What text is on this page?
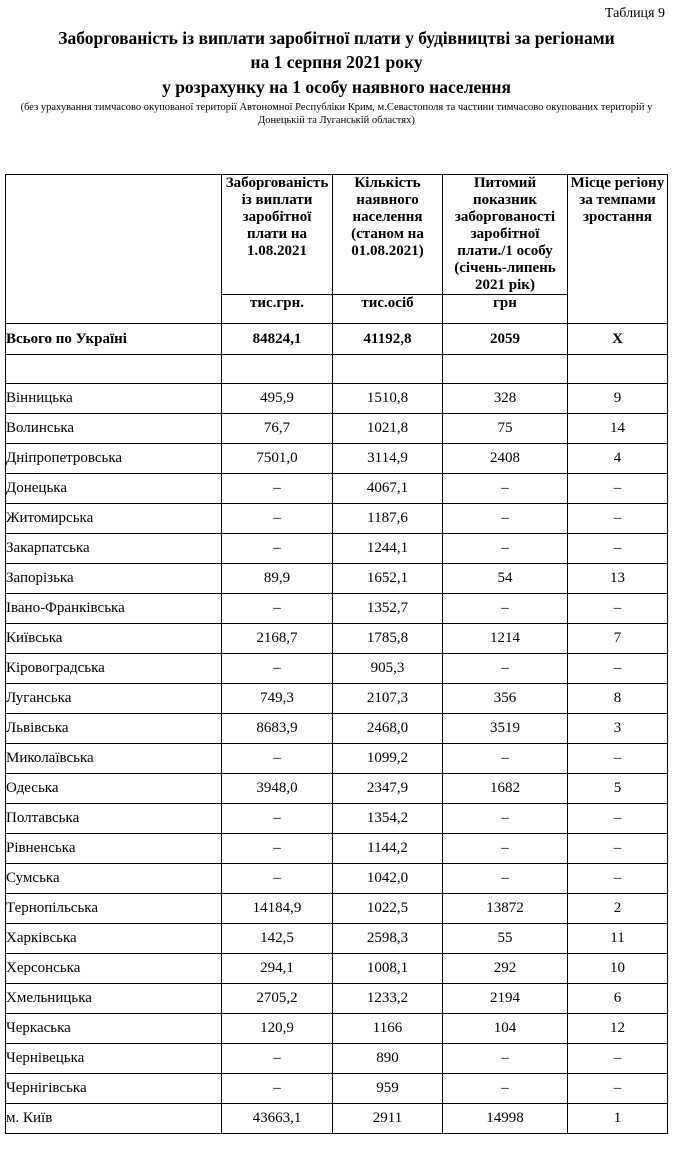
Таблиця 9
Заборгованість із виплати заробітної плати у будівництві за регіонами
на 1 серпня 2021 року
у розрахунку на 1 особу наявного населення
(без урахування тимчасово окупованої території Автономної Республіки Крим, м.Севастополя та частини тимчасово окупованих територій у Донецькій та Луганській областях)
	Заборгованість із виплати заробітної плати на 1.08.2021	Кількість наявного населення (станом на 01.08.2021)	Питомий показник заборгованості заробітної плати./1 особу (січень-липень 2021 рік)	Місце регіону за темпами зростання
	тис.грн.	тис.осіб	грн	
Всього по Україні	84824,1	41192,8	2059	Х

Вінницька	495,9	1510,8	328	9
Волинська	76,7	1021,8	75	14
Дніпропетровська	7501,0	3114,9	2408	4
Донецька	–	4067,1	–	–
Житомирська	–	1187,6	–	–
Закарпатська	–	1244,1	–	–
Запорізька	89,9	1652,1	54	13
Івано-Франківська	–	1352,7	–	–
Київська	2168,7	1785,8	1214	7
Кіровоградська	–	905,3	–	–
Луганська	749,3	2107,3	356	8
Львівська	8683,9	2468,0	3519	3
Миколаївська	–	1099,2	–	–
Одеська	3948,0	2347,9	1682	5
Полтавська	–	1354,2	–	–
Рівненська	–	1144,2	–	–
Сумська	–	1042,0	–	–
Тернопільська	14184,9	1022,5	13872	2
Харківська	142,5	2598,3	55	11
Херсонська	294,1	1008,1	292	10
Хмельницька	2705,2	1233,2	2194	6
Черкаська	120,9	1166	104	12
Чернівецька	–	890	–	–
Чернігівська	–	959	–	–
м. Київ	43663,1	2911	14998	1
